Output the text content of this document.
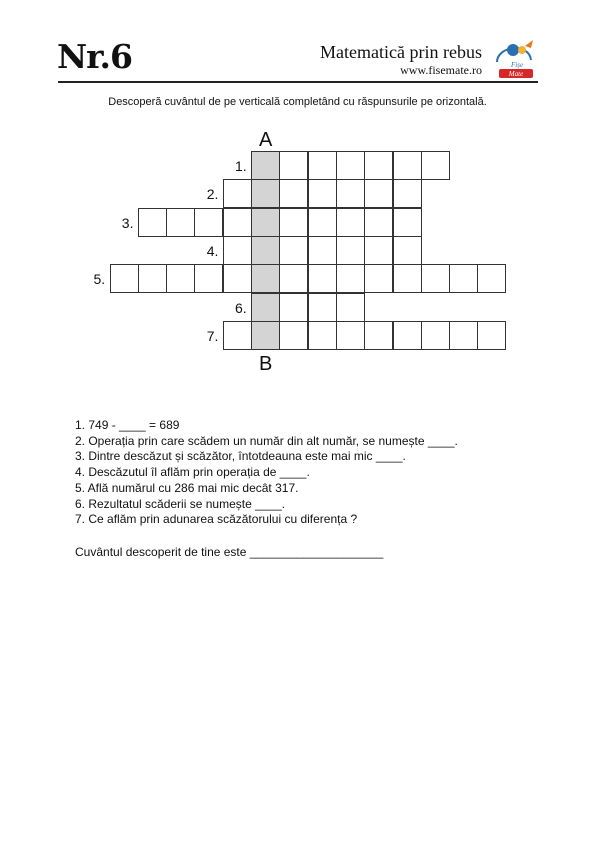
Nr.6	Matematică prin rebus
www.fisemate.ro	Fișe
Mate
Descoperă cuvântul de pe verticală completând cu răspunsurile pe orizontală.
A
B
1.
2.
3.
4.
5.
6.
7.
1. 749 - ____ = 689
2. Operația prin care scădem un număr din alt număr, se numește ____.
3. Dintre descăzut și scăzător, întotdeauna este mai mic ____.
4. Descăzutul îl aflăm prin operația de ____.
5. Află numărul cu 286 mai mic decât 317.
6. Rezultatul scăderii se numește ____.
7. Ce aflăm prin adunarea scăzătorului cu diferența ?
Cuvântul descoperit de tine este ____________________
